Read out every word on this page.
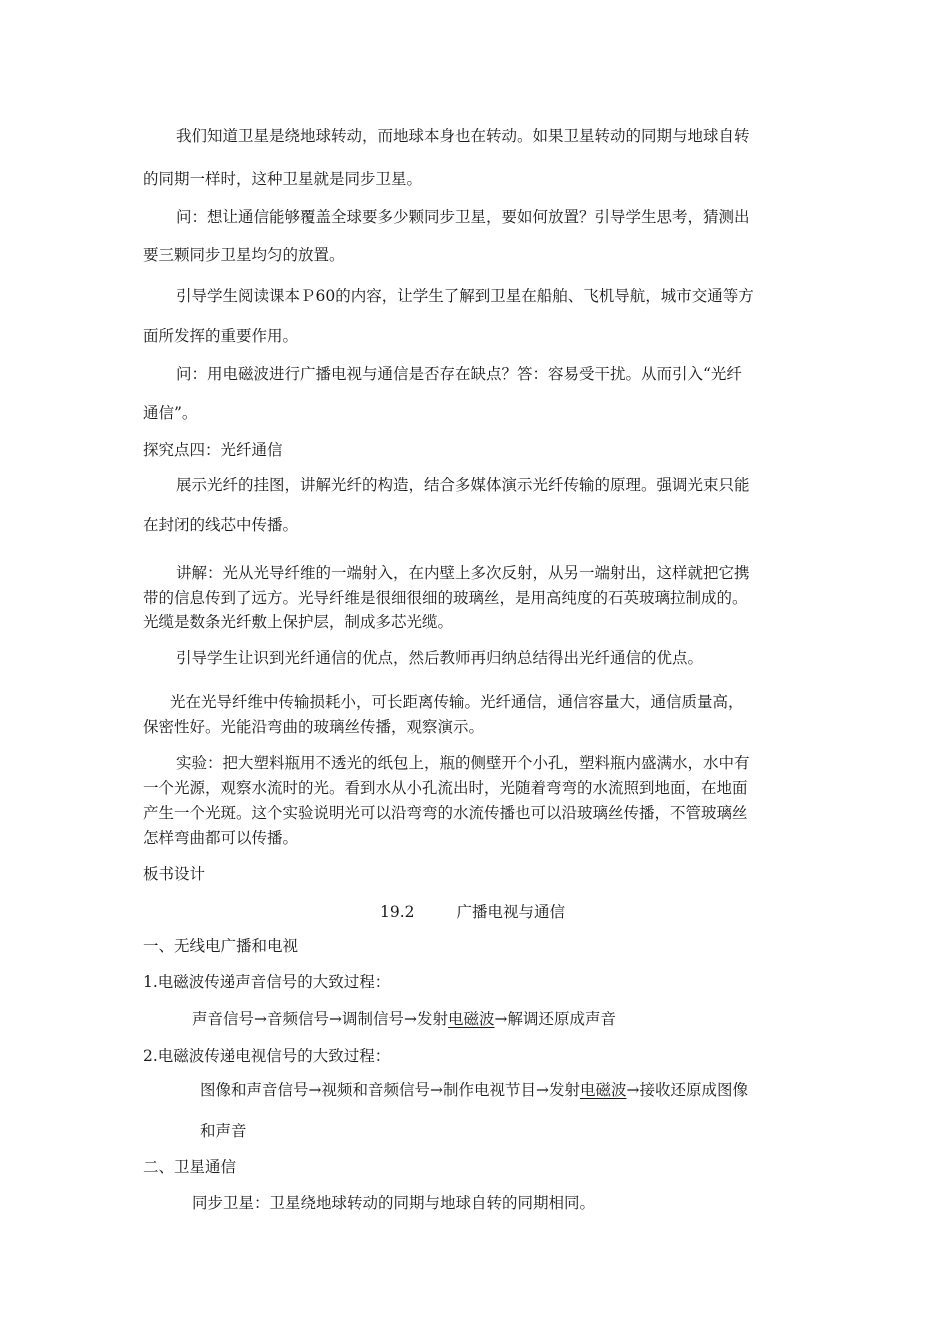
我们知道卫星是绕地球转动，而地球本身也在转动。如果卫星转动的同期与地球自转
的同期一样时，这种卫星就是同步卫星。
问：想让通信能够覆盖全球要多少颗同步卫星，要如何放置？引导学生思考，猜测出
要三颗同步卫星均匀的放置。
引导学生阅读课本Ｐ60的内容，让学生了解到卫星在船舶、飞机导航，城市交通等方
面所发挥的重要作用。
问：用电磁波进行广播电视与通信是否存在缺点？答：容易受干扰。从而引入“光纤
通信”。
探究点四：光纤通信
展示光纤的挂图，讲解光纤的构造，结合多媒体演示光纤传输的原理。强调光束只能
在封闭的线芯中传播。
讲解：光从光导纤维的一端射入，在内壁上多次反射，从另一端射出，这样就把它携
带的信息传到了远方。光导纤维是很细很细的玻璃丝，是用高纯度的石英玻璃拉制成的。
光缆是数条光纤敷上保护层，制成多芯光缆。
引导学生让识到光纤通信的优点，然后教师再归纳总结得出光纤通信的优点。
光在光导纤维中传输损耗小，可长距离传输。光纤通信，通信容量大，通信质量高，
保密性好。光能沿弯曲的玻璃丝传播，观察演示。
实验：把大塑料瓶用不透光的纸包上，瓶的侧壁开个小孔，塑料瓶内盛满水，水中有
一个光源，观察水流时的光。看到水从小孔流出时，光随着弯弯的水流照到地面，在地面
产生一个光斑。这个实验说明光可以沿弯弯的水流传播也可以沿玻璃丝传播，不管玻璃丝
怎样弯曲都可以传播。
板书设计
19.2	广播电视与通信
一、无线电广播和电视
1.电磁波传递声音信号的大致过程：
声音信号→音频信号→调制信号→发射电磁波→解调还原成声音
2.电磁波传递电视信号的大致过程：
图像和声音信号→视频和音频信号→制作电视节目→发射电磁波→接收还原成图像
和声音
二、卫星通信
同步卫星：卫星绕地球转动的同期与地球自转的同期相同。
